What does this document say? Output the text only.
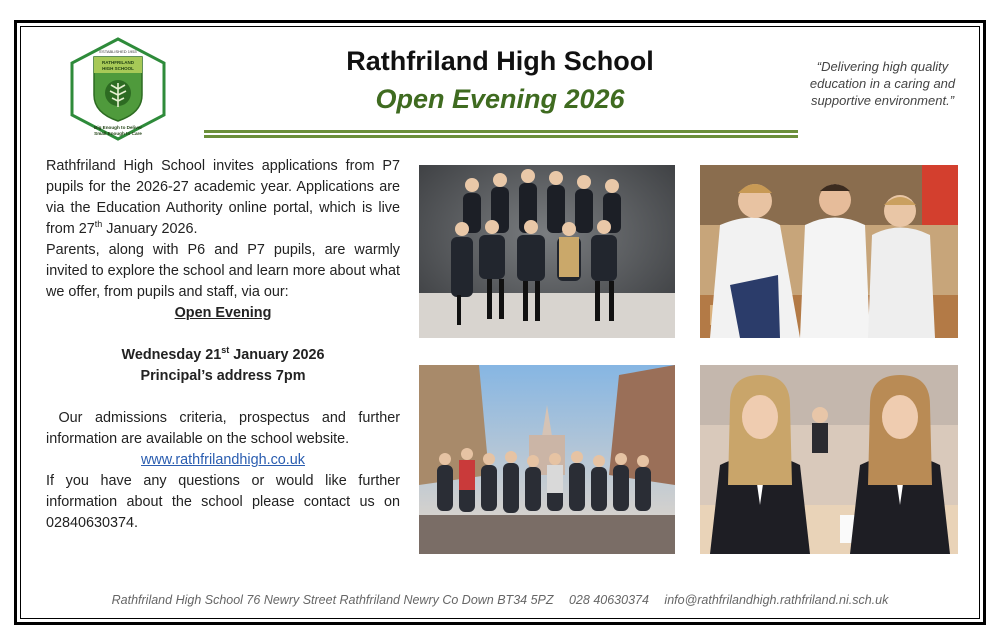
ESTABLISHED 1953
RATHFRILAND
HIGH SCHOOL
Big Enough to Deliver
Small Enough to Care
Rathfriland High School
Open Evening 2026
“Delivering high quality education in a caring and supportive environment.”

Rathfriland High School invites applications from P7 pupils for the 2026-27 academic year. Applications are via the Education Authority online portal, which is live from 27th January 2026.

Parents, along with P6 and P7 pupils, are warmly invited to explore the school and learn more about what we offer, from pupils and staff, via our:

Open Evening

Wednesday 21st January 2026

Principal’s address 7pm

Our admissions criteria, prospectus and further information are available on the school website.

www.rathfrilandhigh.co.uk

If you have any questions or would like further information about the school please contact us on 02840630374.

Rathfriland High School 76 Newry Street Rathfriland Newry Co Down BT34 5PZ 028 40630374 info@rathfrilandhigh.rathfriland.ni.sch.uk
